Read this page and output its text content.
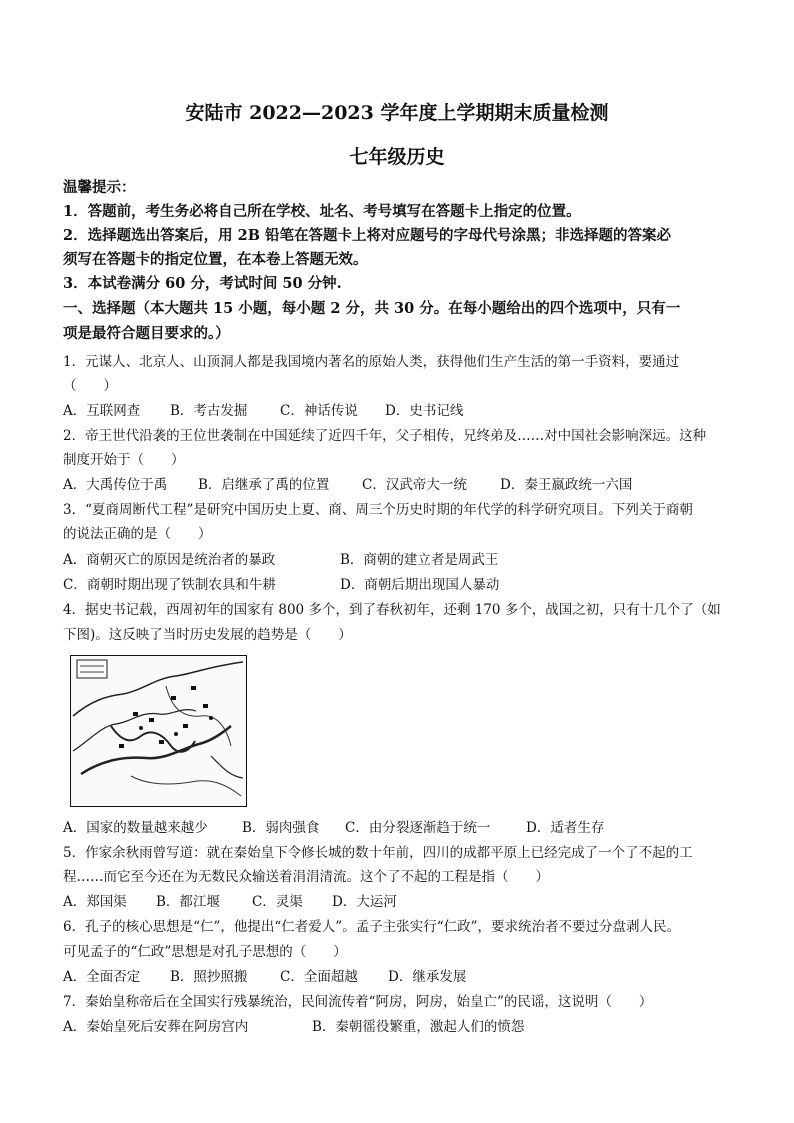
安陆市 2022—2023 学年度上学期期末质量检测
七年级历史
温馨提示：
1．答题前，考生务必将自己所在学校、址名、考号填写在答题卡上指定的位置。
2．选择题选出答案后，用 2B 铅笔在答题卡上将对应题号的字母代号涂黑；非选择题的答案必
须写在答题卡的指定位置，在本卷上答题无效。
3．本试卷满分 60 分，考试时间 50 分钟.
一、选择题（本大题共 15 小题，每小题 2 分，共 30 分。在每小题给出的四个选项中，只有一
项是最符合题目要求的。）
1．元谋人、北京人、山顶洞人都是我国境内著名的原始人类，获得他们生产生活的第一手资料，要通过
（　　）
A．互联网查 B．考古发掘 C．神话传说 D．史书记线
2．帝王世代沿袭的王位世袭制在中国延续了近四千年，父子相传，兄终弟及……对中国社会影响深远。这种
制度开始于（　　）
A．大禹传位于禹 B．启继承了禹的位置 C．汉武帝大一统 D．秦王嬴政统一六国
3．“夏商周断代工程”是研究中国历史上夏、商、周三个历史时期的年代学的科学研究项目。下列关于商朝
的说法正确的是（　　）
A．商朝灭亡的原因是统治者的暴政	B．商朝的建立者是周武王
C．商朝时期出现了铁制农具和牛耕	D．商朝后期出现国人暴动
4．据史书记载，西周初年的国家有 800 多个，到了春秋初年，还剩 170 多个，战国之初，只有十几个了（如
下图)。这反映了当时历史发展的趋势是（　　）
A．国家的数量越来越少	B．弱肉强食 C．由分裂逐渐趋于统一	D．适者生存
5．作家余秋雨曾写道：就在秦始皇下令修长城的数十年前，四川的成都平原上已经完成了一个了不起的工
程……而它至今还在为无数民众输送着涓涓清流。这个了不起的工程是指（　　）
A．郑国渠 B．都江堰 C．灵渠 D．大运河
6．孔子的核心思想是“仁”，他提出“仁者爱人”。孟子主张实行“仁政”，要求统治者不要过分盘剥人民。
可见孟子的“仁政”思想是对孔子思想的（　　）
A．全面否定 B．照抄照搬 C．全面超越 D．继承发展
7．秦始皇称帝后在全国实行残暴统治，民间流传着“阿房，阿房，始皇亡”的民谣，这说明（　　）
A．秦始皇死后安葬在阿房宫内	B．秦朝徭役繁重，激起人们的愤怨
